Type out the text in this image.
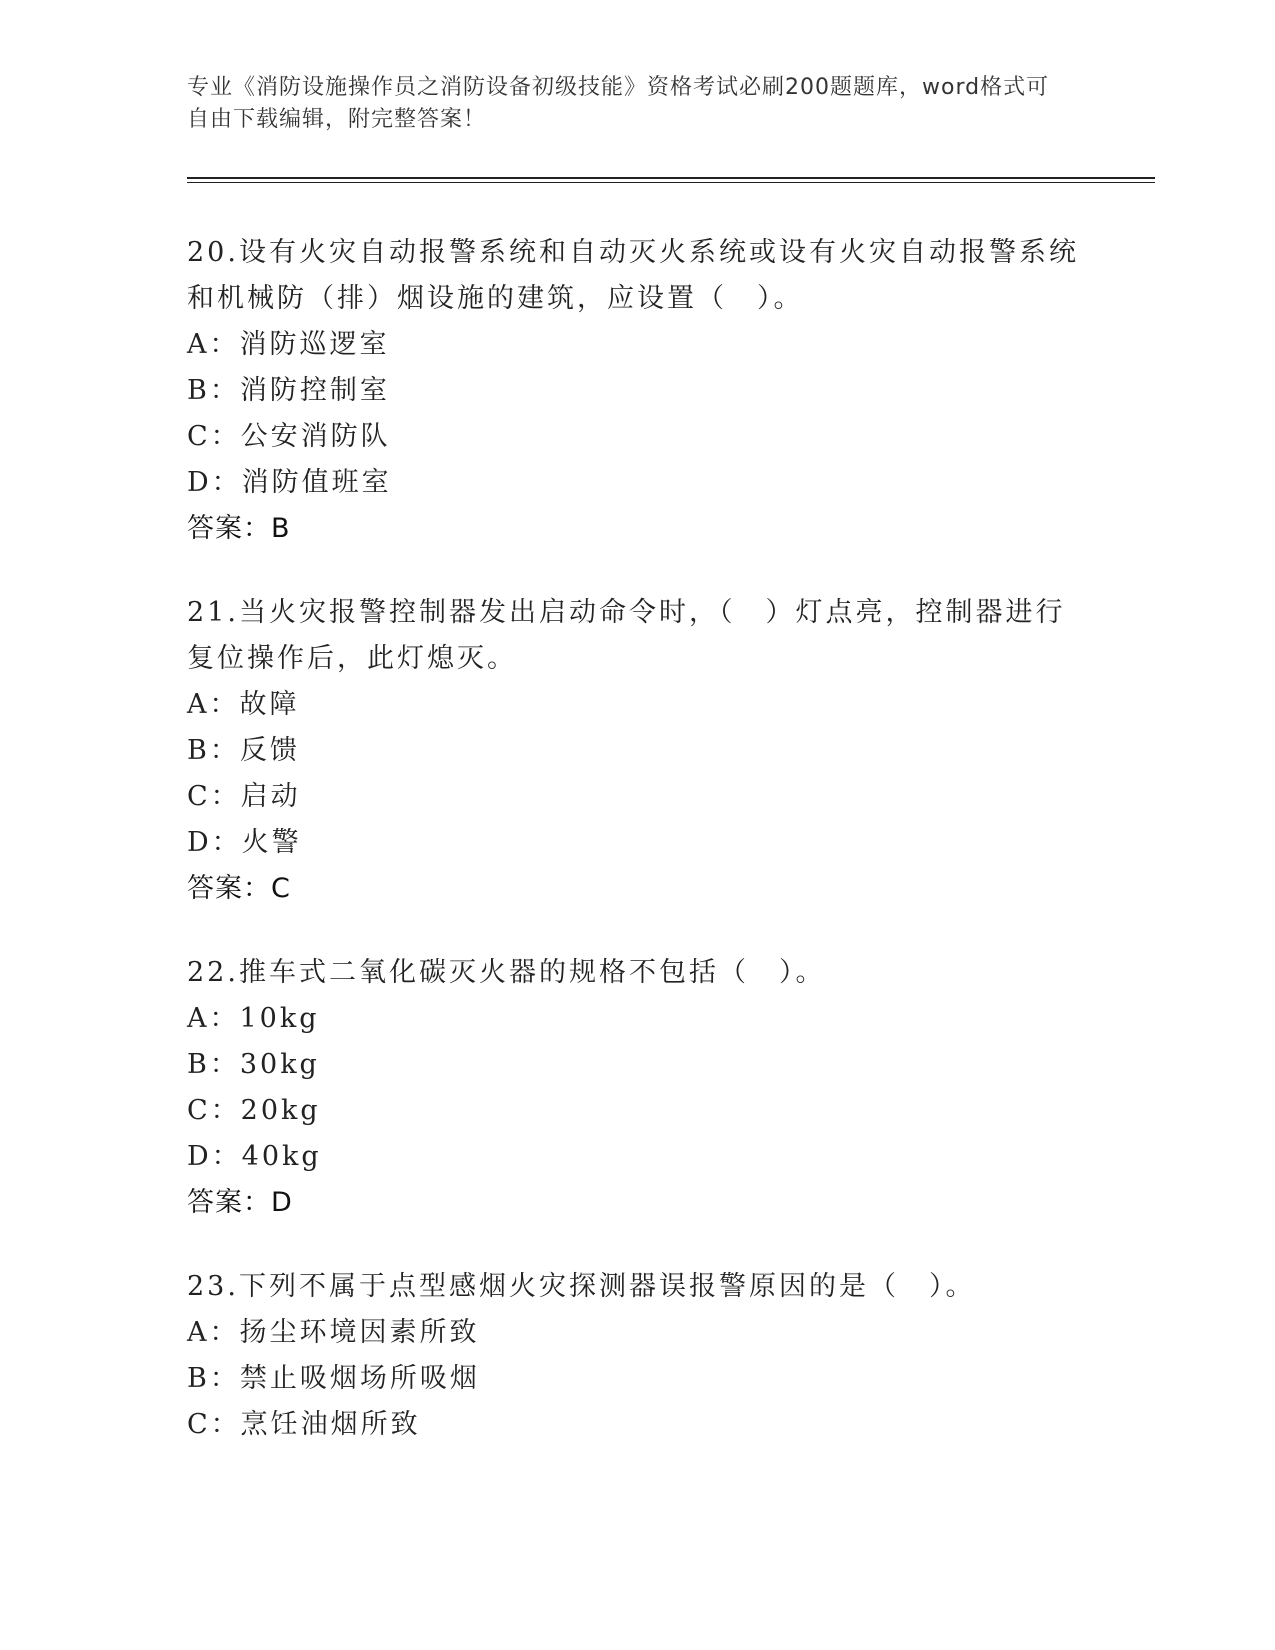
专业《消防设施操作员之消防设备初级技能》资格考试必刷200题题库，word格式可自由下载编辑，附完整答案！
20.设有火灾自动报警系统和自动灭火系统或设有火灾自动报警系统和机械防（排）烟设施的建筑，应设置（　）。
A：消防巡逻室
B：消防控制室
C：公安消防队
D：消防值班室
答案：B
21.当火灾报警控制器发出启动命令时，（　）灯点亮，控制器进行复位操作后，此灯熄灭。
A：故障
B：反馈
C：启动
D：火警
答案：C
22.推车式二氧化碳灭火器的规格不包括（　）。
A：10kg
B：30kg
C：20kg
D：40kg
答案：D
23.下列不属于点型感烟火灾探测器误报警原因的是（　）。
A：扬尘环境因素所致
B：禁止吸烟场所吸烟
C：烹饪油烟所致
